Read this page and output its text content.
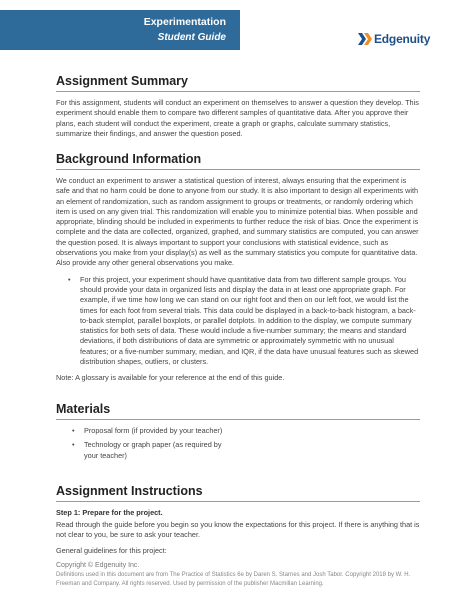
Experimentation
Student Guide	Edgenuity
Assignment Summary

For this assignment, students will conduct an experiment on themselves to answer a question they develop. This experiment should enable them to compare two different samples of quantitative data. After you approve their plans, each student will conduct the experiment, create a graph or graphs, calculate summary statistics, summarize their findings, and answer the question posed.

Background Information

We conduct an experiment to answer a statistical question of interest, always ensuring that the experiment is safe and that no harm could be done to anyone from our study. It is also important to design all experiments with an element of randomization, such as random assignment to groups or treatments, or randomly ordering which item is used on any given trial. This randomization will enable you to minimize potential bias. When possible and appropriate, blinding should be included in experiments to further reduce the risk of bias. Once the experiment is complete and the data are collected, organized, graphed, and summary statistics are computed, you can answer the question posed. It is always important to support your conclusions with statistical evidence, such as observations you make from your display(s) as well as the summary statistics you compute for quantitative data. Also provide any other general observations you make.

• For this project, your experiment should have quantitative data from two different sample groups. You should provide your data in organized lists and display the data in at least one appropriate graph. For example, if we time how long we can stand on our right foot and then on our left foot, we would list the times for each foot from several trials. This data could be displayed in a back-to-back histogram, a back-to-back stemplot, parallel boxplots, or parallel dotplots. In addition to the display, we compute summary statistics for both sets of data. These would include a five-number summary; the means and standard deviations, if both distributions of data are symmetric or approximately symmetric with no unusual features; or a five-number summary, median, and IQR, if the data have unusual features such as skewed distribution shapes, outliers, or clusters.

Note: A glossary is available for your reference at the end of this guide.

Materials
• Proposal form (if provided by your teacher)
• Technology or graph paper (as required by your teacher)
Assignment Instructions
Step 1: Prepare for the project.

Read through the guide before you begin so you know the expectations for this project. If there is anything that is not clear to you, be sure to ask your teacher.

General guidelines for this project:

Copyright © Edgenuity Inc.
Definitions used in this document are from The Practice of Statistics 6e by Daren S. Starnes and Josh Tabor. Copyright 2018 by W. H. Freeman and Company. All rights reserved. Used by permission of the publisher Macmillan Learning.
